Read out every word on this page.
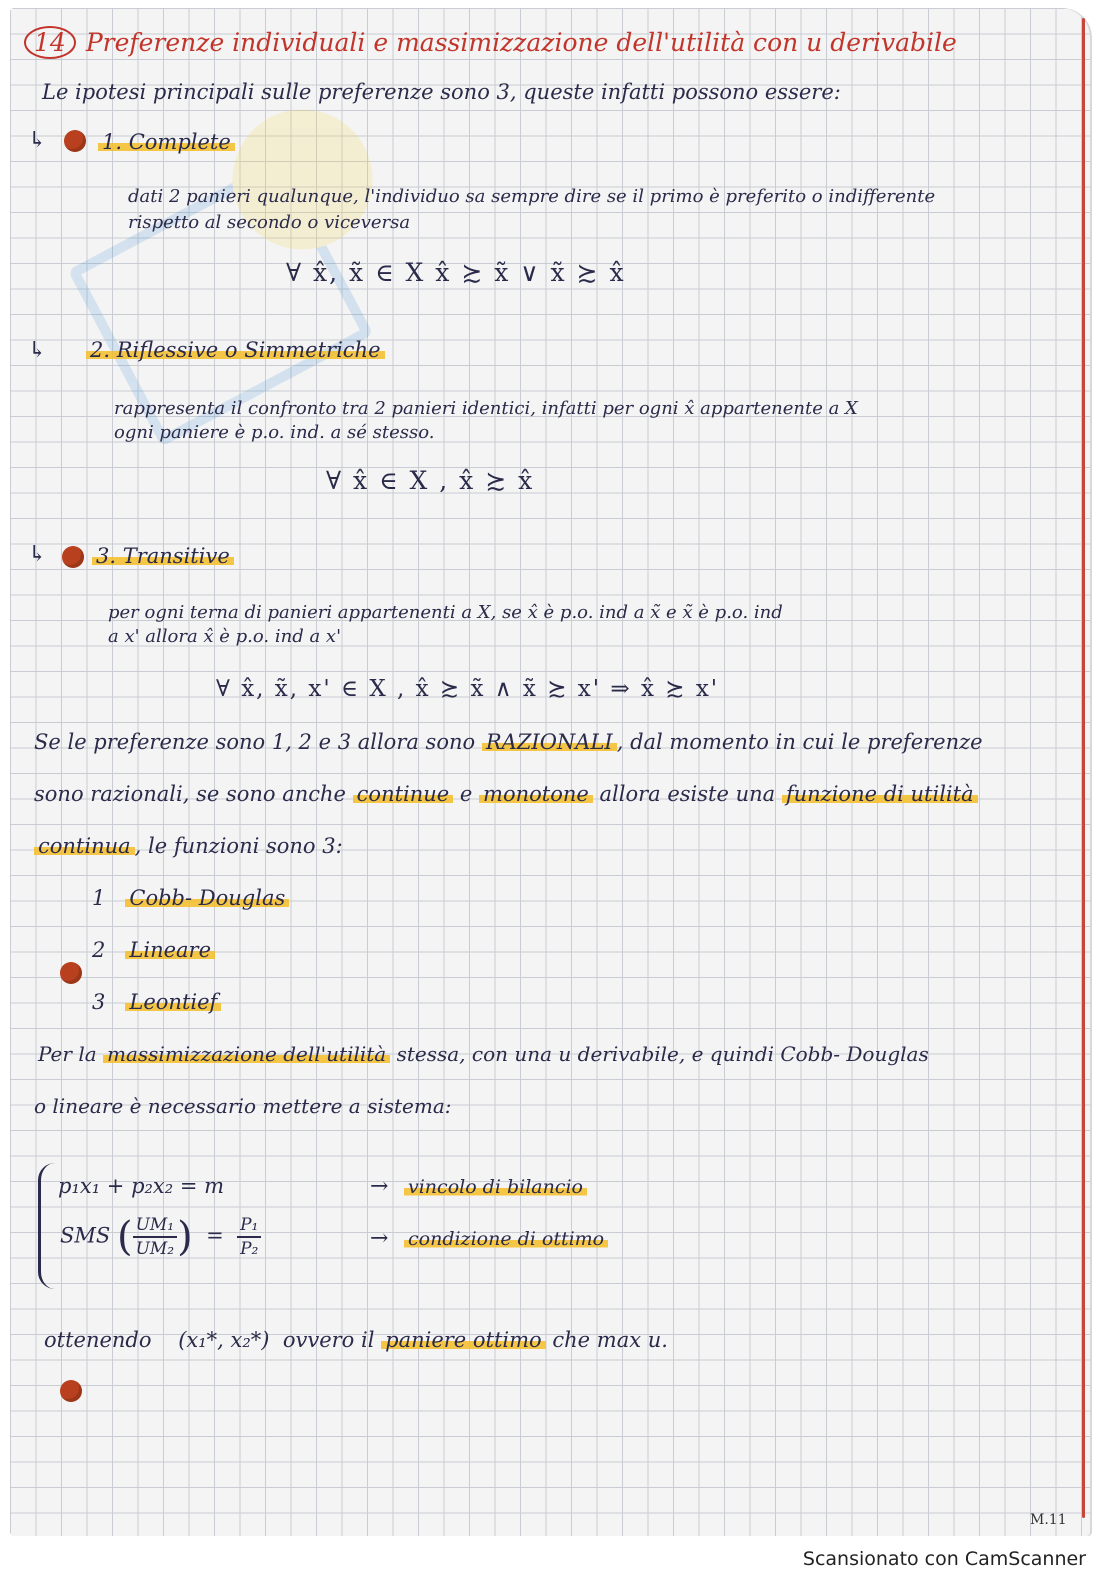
14 Preferenze individuali e massimizzazione dell'utilità con u derivabile
Le ipotesi principali sulle preferenze sono 3, queste infatti possono essere:
↳	1. Complete
dati 2 panieri qualunque, l'individuo sa sempre dire se il primo è preferito o indifferente
rispetto al secondo o viceversa
∀ x̂, x̃ ∈ X x̂ ≿ x̃ ∨ x̃ ≿ x̂
↳ 2. Riflessive o Simmetriche
rappresenta il confronto tra 2 panieri identici, infatti per ogni x̂ appartenente a X
ogni paniere è p.o. ind. a sé stesso.
∀ x̂ ∈ X , x̂ ≿ x̂
↳ 3. Transitive
per ogni terna di panieri appartenenti a X, se x̂ è p.o. ind a x̃ e x̃ è p.o. ind
a x' allora x̂ è p.o. ind a x'
∀ x̂, x̃, x' ∈ X , x̂ ≿ x̃ ∧ x̃ ≿ x' ⇒ x̂ ≿ x'
Se le preferenze sono 1, 2 e 3 allora sono RAZIONALI , dal momento in cui le preferenze
sono razionali, se sono anche continue e monotone allora esiste una funzione di utilità
continua , le funzioni sono 3:
1 Cobb- Douglas
2 Lineare
3 Leontief
Per la massimizzazione dell'utilità stessa, con una u derivabile, e quindi Cobb- Douglas
o lineare è necessario mettere a sistema:
p₁x₁ + p₂x₂ = m	→ vincolo di bilancio
SMS ( $\frac{\text{UM₁}}{\text{UM₂}}$ ) = $\frac{\text{P₁}}{\text{P₂}}$	→ condizione di ottimo
ottenendo (x₁*, x₂*) ovvero il paniere ottimo che max u.
M.11
Scansionato con CamScanner
